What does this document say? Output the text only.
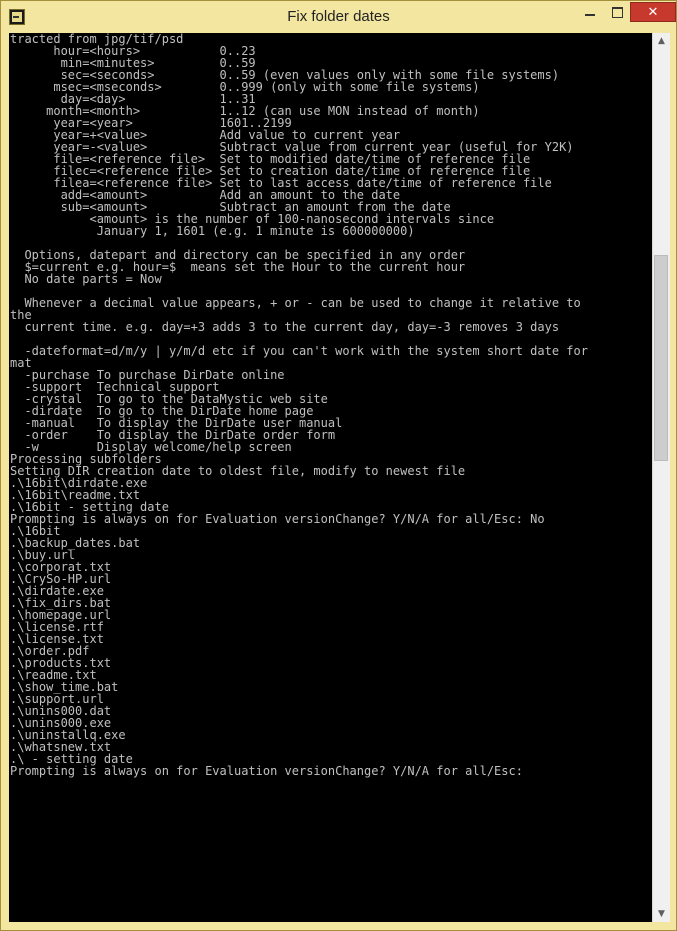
Fix folder dates	✕
tracted from jpg/tif/psd
hour=<hours>           0..23
min=<minutes>         0..59
sec=<seconds>         0..59 (even values only with some file systems)
msec=<mseconds>        0..999 (only with some file systems)
day=<day>             1..31
month=<month>           1..12 (can use MON instead of month)
year=<year>            1601..2199
year=+<value>          Add value to current year
year=-<value>          Subtract value from current year (useful for Y2K)
file=<reference file>  Set to modified date/time of reference file
filec=<reference file> Set to creation date/time of reference file
filea=<reference file> Set to last access date/time of reference file
add=<amount>          Add an amount to the date
sub=<amount>          Subtract an amount from the date
<amount> is the number of 100-nanosecond intervals since
January 1, 1601 (e.g. 1 minute is 600000000)

Options, datepart and directory can be specified in any order
$=current e.g. hour=$  means set the Hour to the current hour
No date parts = Now

Whenever a decimal value appears, + or - can be used to change it relative to
the
current time. e.g. day=+3 adds 3 to the current day, day=-3 removes 3 days

-dateformat=d/m/y | y/m/d etc if you can't work with the system short date for
mat
-purchase To purchase DirDate online
-support  Technical support
-crystal  To go to the DataMystic web site
-dirdate  To go to the DirDate home page
-manual   To display the DirDate user manual
-order    To display the DirDate order form
-w        Display welcome/help screen
Processing subfolders
Setting DIR creation date to oldest file, modify to newest file
.\16bit\dirdate.exe
.\16bit\readme.txt
.\16bit - setting date
Prompting is always on for Evaluation versionChange? Y/N/A for all/Esc: No
.\16bit
.\backup_dates.bat
.\buy.url
.\corporat.txt
.\CrySo-HP.url
.\dirdate.exe
.\fix_dirs.bat
.\homepage.url
.\license.rtf
.\license.txt
.\order.pdf
.\products.txt
.\readme.txt
.\show_time.bat
.\support.url
.\unins000.dat
.\unins000.exe
.\uninstallq.exe
.\whatsnew.txt
.\ - setting date
Prompting is always on for Evaluation versionChange? Y/N/A for all/Esc:

▲
▼
